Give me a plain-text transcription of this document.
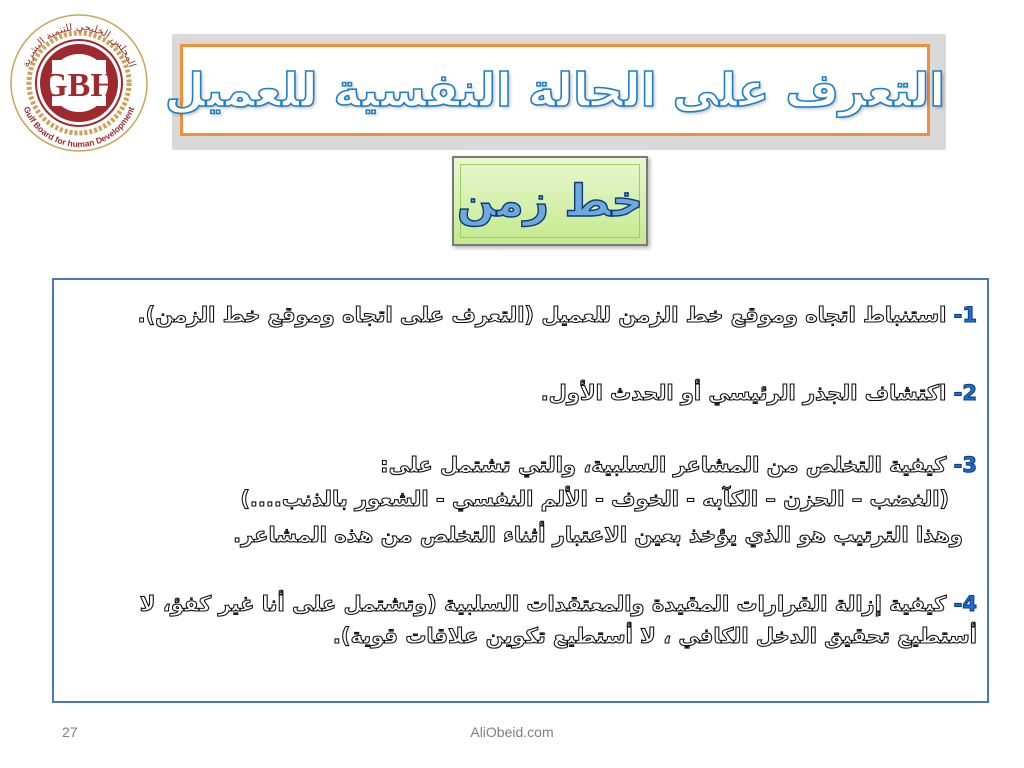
GBH
المجلس الخليجي للتنمية البشرية
Gulf Board for human Development التعرف على الحالة النفسية للعميل
خط زمن
1- استنباط اتجاه وموقع خط الزمن للعميل (التعرف على اتجاه وموقع خط الزمن).
2- اكتشاف الجذر الرئيسي أو الحدث الأول.
3- كيفية التخلص من المشاعر السلبية، والتي تشتمل على:
(الغضب – الحزن – الكآبه - الخوف - الألم النفسي - الشعور بالذنب....)
وهذا الترتيب هو الذي يؤخذ بعين الاعتبار أثناء التخلص من هذه المشاعر.
4- كيفية إزالة القرارات المقيدة والمعتقدات السلبية (وتشتمل على أنا غير كفؤ، لا أستطيع تحقيق الدخل الكافي ، لا أستطيع تكوين علاقات قوية).
27	AliObeid.com
